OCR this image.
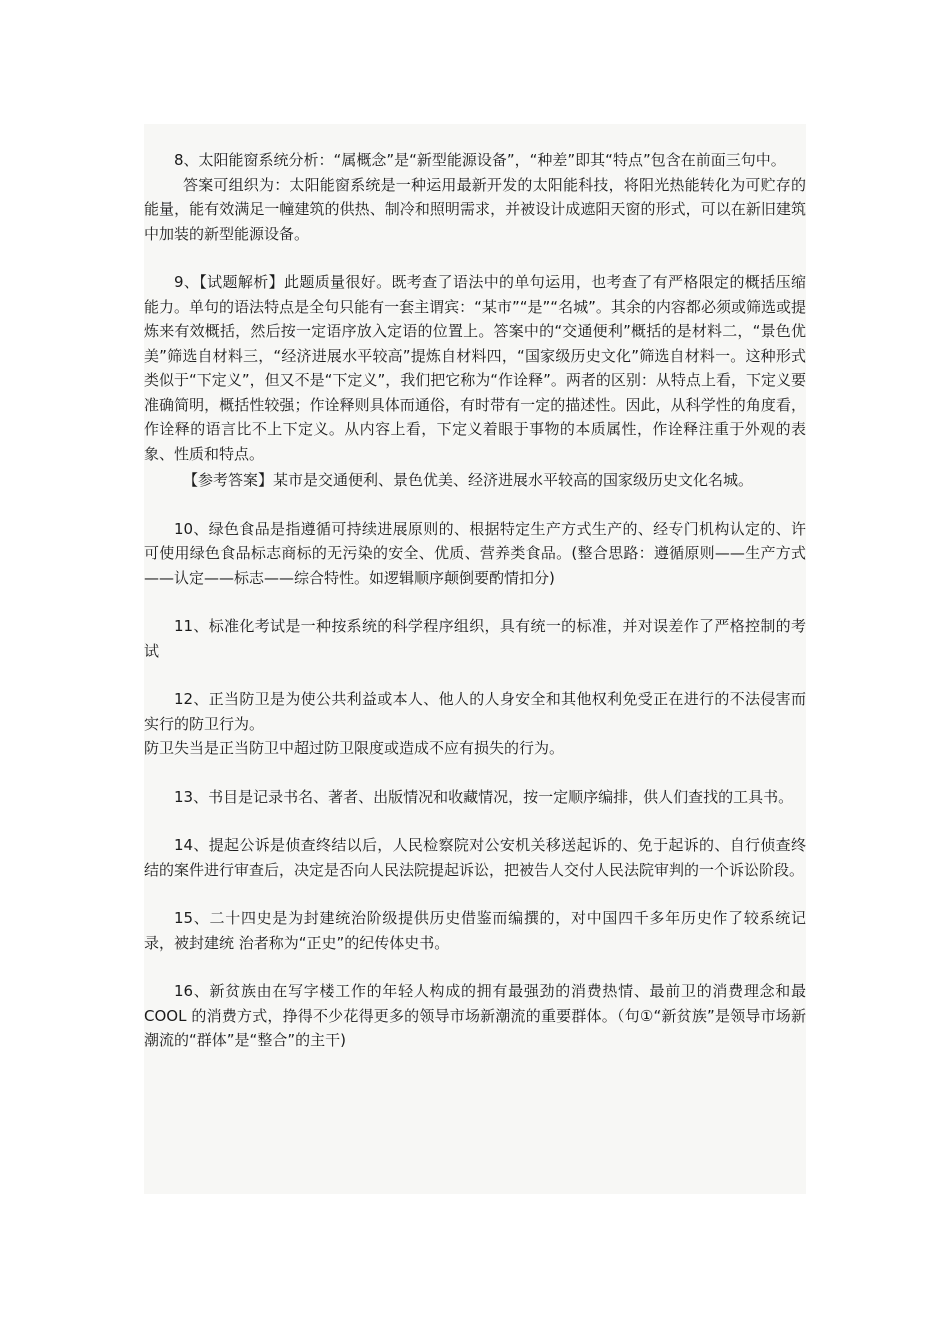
8、太阳能窗系统分析：“属概念”是“新型能源设备”，“种差”即其“特点”包含在前面三句中。

答案可组织为：太阳能窗系统是一种运用最新开发的太阳能科技，将阳光热能转化为可贮存的能量，能有效满足一幢建筑的供热、制冷和照明需求，并被设计成遮阳天窗的形式，可以在新旧建筑中加装的新型能源设备。

9、【试题解析】此题质量很好。既考查了语法中的单句运用，也考查了有严格限定的概括压缩能力。单句的语法特点是全句只能有一套主谓宾：“某市”“是”“名城”。其余的内容都必须或筛选或提炼来有效概括，然后按一定语序放入定语的位置上。答案中的“交通便利”概括的是材料二，“景色优美”筛选自材料三，“经济进展水平较高”提炼自材料四，“国家级历史文化”筛选自材料一。这种形式类似于“下定义”，但又不是“下定义”，我们把它称为“作诠释”。两者的区别：从特点上看，下定义要准确简明，概括性较强；作诠释则具体而通俗，有时带有一定的描述性。因此，从科学性的角度看，作诠释的语言比不上下定义。从内容上看，下定义着眼于事物的本质属性，作诠释注重于外观的表象、性质和特点。

【参考答案】某市是交通便利、景色优美、经济进展水平较高的国家级历史文化名城。

10、绿色食品是指遵循可持续进展原则的、根据特定生产方式生产的、经专门机构认定的、许可使用绿色食品标志商标的无污染的安全、优质、营养类食品。(整合思路：遵循原则——生产方式——认定——标志——综合特性。如逻辑顺序颠倒要酌情扣分)

11、标准化考试是一种按系统的科学程序组织，具有统一的标准，并对误差作了严格控制的考试

12、正当防卫是为使公共利益或本人、他人的人身安全和其他权利免受正在进行的不法侵害而实行的防卫行为。

防卫失当是正当防卫中超过防卫限度或造成不应有损失的行为。

13、书目是记录书名、著者、出版情况和收藏情况，按一定顺序编排，供人们查找的工具书。

14、提起公诉是侦查终结以后，人民检察院对公安机关移送起诉的、免于起诉的、自行侦查终结的案件进行审查后，决定是否向人民法院提起诉讼，把被告人交付人民法院审判的一个诉讼阶段。

15、二十四史是为封建统治阶级提供历史借鉴而编撰的，对中国四千多年历史作了较系统记录，被封建统 治者称为“正史”的纪传体史书。

16、新贫族由在写字楼工作的年轻人构成的拥有最强劲的消费热情、最前卫的消费理念和最 COOL 的消费方式，挣得不少花得更多的领导市场新潮流的重要群体。（句①“新贫族”是领导市场新潮流的“群体”是“整合”的主干)
